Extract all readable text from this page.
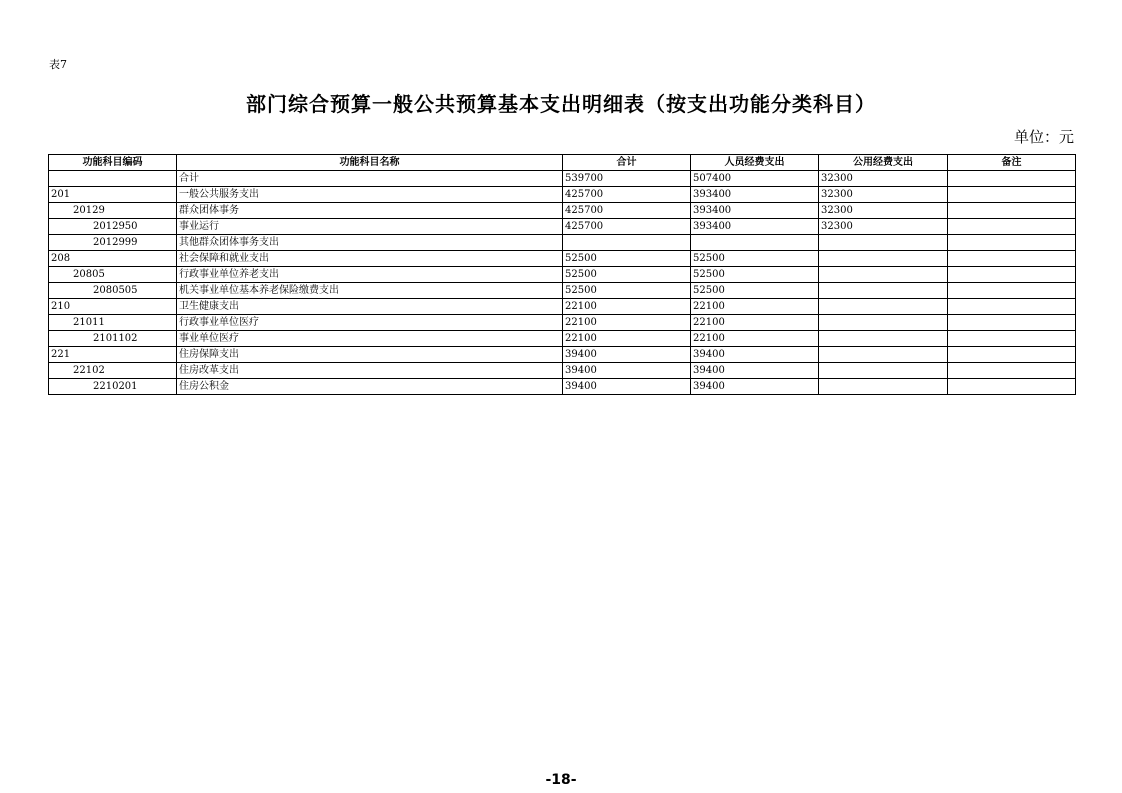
表7
部门综合预算一般公共预算基本支出明细表（按支出功能分类科目）
单位：元
功能科目编码	功能科目名称	合计	人员经费支出	公用经费支出	备注
	合计	539700	507400	32300	
201	一般公共服务支出	425700	393400	32300	
20129	群众团体事务	425700	393400	32300	
2012950	事业运行	425700	393400	32300	
2012999	其他群众团体事务支出				
208	社会保障和就业支出	52500	52500		
20805	行政事业单位养老支出	52500	52500		
2080505	机关事业单位基本养老保险缴费支出	52500	52500		
210	卫生健康支出	22100	22100		
21011	行政事业单位医疗	22100	22100		
2101102	事业单位医疗	22100	22100		
221	住房保障支出	39400	39400		
22102	住房改革支出	39400	39400		
2210201	住房公积金	39400	39400		
-18-
